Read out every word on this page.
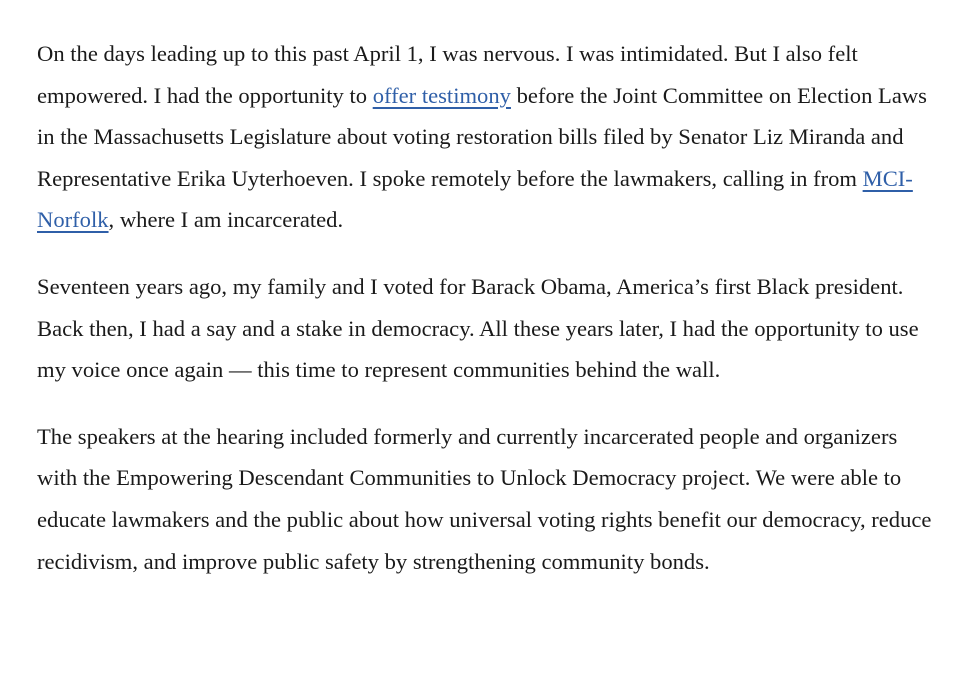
On the days leading up to this past April 1, I was nervous. I was intimidated. But I also felt empowered. I had the opportunity to offer testimony before the Joint Committee on Election Laws in the Massachusetts Legislature about voting restoration bills filed by Senator Liz Miranda and Representative Erika Uyterhoeven. I spoke remotely before the lawmakers, calling in from MCI-Norfolk, where I am incarcerated.

Seventeen years ago, my family and I voted for Barack Obama, America’s first Black president. Back then, I had a say and a stake in democracy. All these years later, I had the opportunity to use my voice once again — this time to represent communities behind the wall.

The speakers at the hearing included formerly and currently incarcerated people and organizers with the Empowering Descendant Communities to Unlock Democracy project. We were able to educate lawmakers and the public about how universal voting rights benefit our democracy, reduce recidivism, and improve public safety by strengthening community bonds.
